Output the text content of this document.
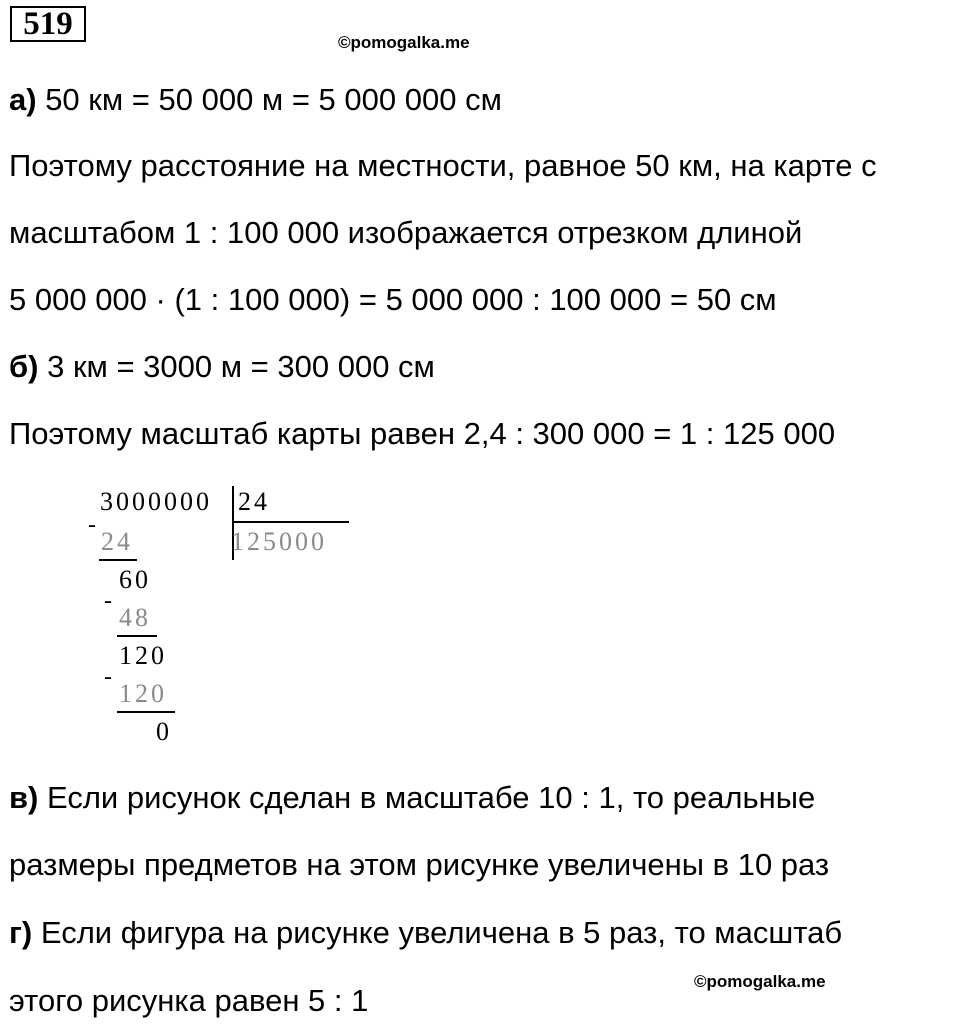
519
©pomogalka.me
а) 50 км = 50 000 м = 5 000 000 см
Поэтому расстояние на местности, равное 50 км, на карте с
масштабом 1 : 100 000 изображается отрезком длиной
5 000 000 · (1 : 100 000) = 5 000 000 : 100 000 = 50 см
б) 3 км = 3000 м = 300 000 см
Поэтому масштаб карты равен 2,4 : 300 000 = 1 : 125 000
3000000 24
125000
-
24
60
-
48
120
-
120
0
в) Если рисунок сделан в масштабе 10 : 1, то реальные
размеры предметов на этом рисунке увеличены в 10 раз
г) Если фигура на рисунке увеличена в 5 раз, то масштаб
©pomogalka.me
этого рисунка равен 5 : 1
